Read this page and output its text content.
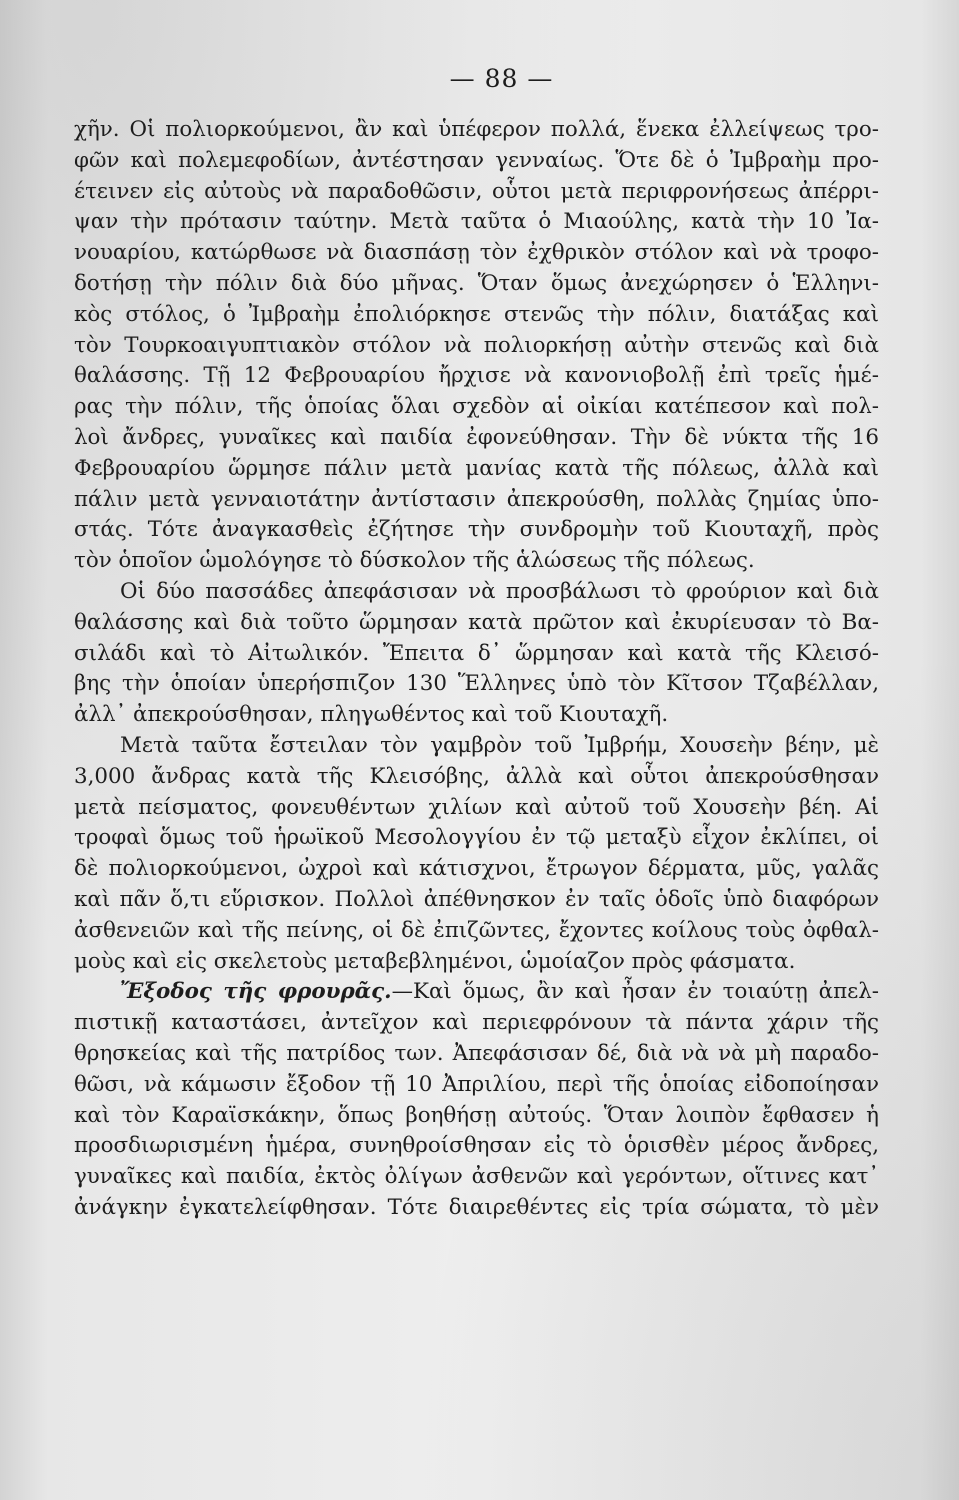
— 88 —
χῆν. Οἱ πολιορκούμενοι, ἂν καὶ ὑπέφερον πολλά, ἕνεκα ἐλλείψεως τρο-
φῶν καὶ πολεμεφοδίων, ἀντέστησαν γενναίως. Ὅτε δὲ ὁ Ἰμβραὴμ προ-
έτεινεν εἰς αὐτοὺς νὰ παραδοθῶσιν, οὗτοι μετὰ περιφρονήσεως ἀπέρρι-
ψαν τὴν πρότασιν ταύτην. Μετὰ ταῦτα ὁ Μιαούλης, κατὰ τὴν 10 Ἰα-
νουαρίου, κατώρθωσε νὰ διασπάσῃ τὸν ἐχθρικὸν στόλον καὶ νὰ τροφο-
δοτήσῃ τὴν πόλιν διὰ δύο μῆνας. Ὅταν ὅμως ἀνεχώρησεν ὁ Ἑλληνι-
κὸς στόλος, ὁ Ἰμβραὴμ ἐπολιόρκησε στενῶς τὴν πόλιν, διατάξας καὶ
τὸν Τουρκοαιγυπτιακὸν στόλον νὰ πολιορκήσῃ αὐτὴν στενῶς καὶ διὰ
θαλάσσης. Τῇ 12 Φεβρουαρίου ἤρχισε νὰ κανονιοβολῇ ἐπὶ τρεῖς ἡμέ-
ρας τὴν πόλιν, τῆς ὁποίας ὅλαι σχεδὸν αἱ οἰκίαι κατέπεσον καὶ πολ-
λοὶ ἄνδρες, γυναῖκες καὶ παιδία ἐφονεύθησαν. Τὴν δὲ νύκτα τῆς 16
Φεβρουαρίου ὥρμησε πάλιν μετὰ μανίας κατὰ τῆς πόλεως, ἀλλὰ καὶ
πάλιν μετὰ γενναιοτάτην ἀντίστασιν ἀπεκρούσθη, πολλὰς ζημίας ὑπο-
στάς. Τότε ἀναγκασθεὶς ἐζήτησε τὴν συνδρομὴν τοῦ Κιουταχῆ, πρὸς
τὸν ὁποῖον ὡμολόγησε τὸ δύσκολον τῆς ἁλώσεως τῆς πόλεως.
Οἱ δύο πασσάδες ἀπεφάσισαν νὰ προσβάλωσι τὸ φρούριον καὶ διὰ
θαλάσσης καὶ διὰ τοῦτο ὥρμησαν κατὰ πρῶτον καὶ ἐκυρίευσαν τὸ Βα-
σιλάδι καὶ τὸ Αἰτωλικόν. Ἔπειτα δ᾽ ὥρμησαν καὶ κατὰ τῆς Κλεισό-
βης τὴν ὁποίαν ὑπερήσπιζον 130 Ἕλληνες ὑπὸ τὸν Κῖτσον Τζαβέλλαν,
ἀλλ᾽ ἀπεκρούσθησαν, πληγωθέντος καὶ τοῦ Κιουταχῆ.
Μετὰ ταῦτα ἔστειλαν τὸν γαμβρὸν τοῦ Ἰμβρήμ, Χουσεὴν βέην, μὲ
3,000 ἄνδρας κατὰ τῆς Κλεισόβης, ἀλλὰ καὶ οὗτοι ἀπεκρούσθησαν
μετὰ πείσματος, φονευθέντων χιλίων καὶ αὐτοῦ τοῦ Χουσεὴν βέη. Αἱ
τροφαὶ ὅμως τοῦ ἡρωϊκοῦ Μεσολογγίου ἐν τῷ μεταξὺ εἶχον ἐκλίπει, οἱ
δὲ πολιορκούμενοι, ὠχροὶ καὶ κάτισχνοι, ἔτρωγον δέρματα, μῦς, γαλᾶς
καὶ πᾶν ὅ,τι εὕρισκον. Πολλοὶ ἀπέθνησκον ἐν ταῖς ὁδοῖς ὑπὸ διαφόρων
ἀσθενειῶν καὶ τῆς πείνης, οἱ δὲ ἐπιζῶντες, ἔχοντες κοίλους τοὺς ὀφθαλ-
μοὺς καὶ εἰς σκελετοὺς μεταβεβλημένοι, ὡμοίαζον πρὸς φάσματα.
Ἔξοδος τῆς φρουρᾶς.—Καὶ ὅμως, ἂν καὶ ἦσαν ἐν τοιαύτῃ ἀπελ-
πιστικῇ καταστάσει, ἀντεῖχον καὶ περιεφρόνουν τὰ πάντα χάριν τῆς
θρησκείας καὶ τῆς πατρίδος των. Ἀπεφάσισαν δέ, διὰ νὰ νὰ μὴ παραδο-
θῶσι, νὰ κάμωσιν ἔξοδον τῇ 10 Ἀπριλίου, περὶ τῆς ὁποίας εἰδοποίησαν
καὶ τὸν Καραϊσκάκην, ὅπως βοηθήσῃ αὐτούς. Ὅταν λοιπὸν ἔφθασεν ἡ
προσδιωρισμένη ἡμέρα, συνηθροίσθησαν εἰς τὸ ὁρισθὲν μέρος ἄνδρες,
γυναῖκες καὶ παιδία, ἐκτὸς ὀλίγων ἀσθενῶν καὶ γερόντων, οἵτινες κατ᾽
ἀνάγκην ἐγκατελείφθησαν. Τότε διαιρεθέντες εἰς τρία σώματα, τὸ μὲν
